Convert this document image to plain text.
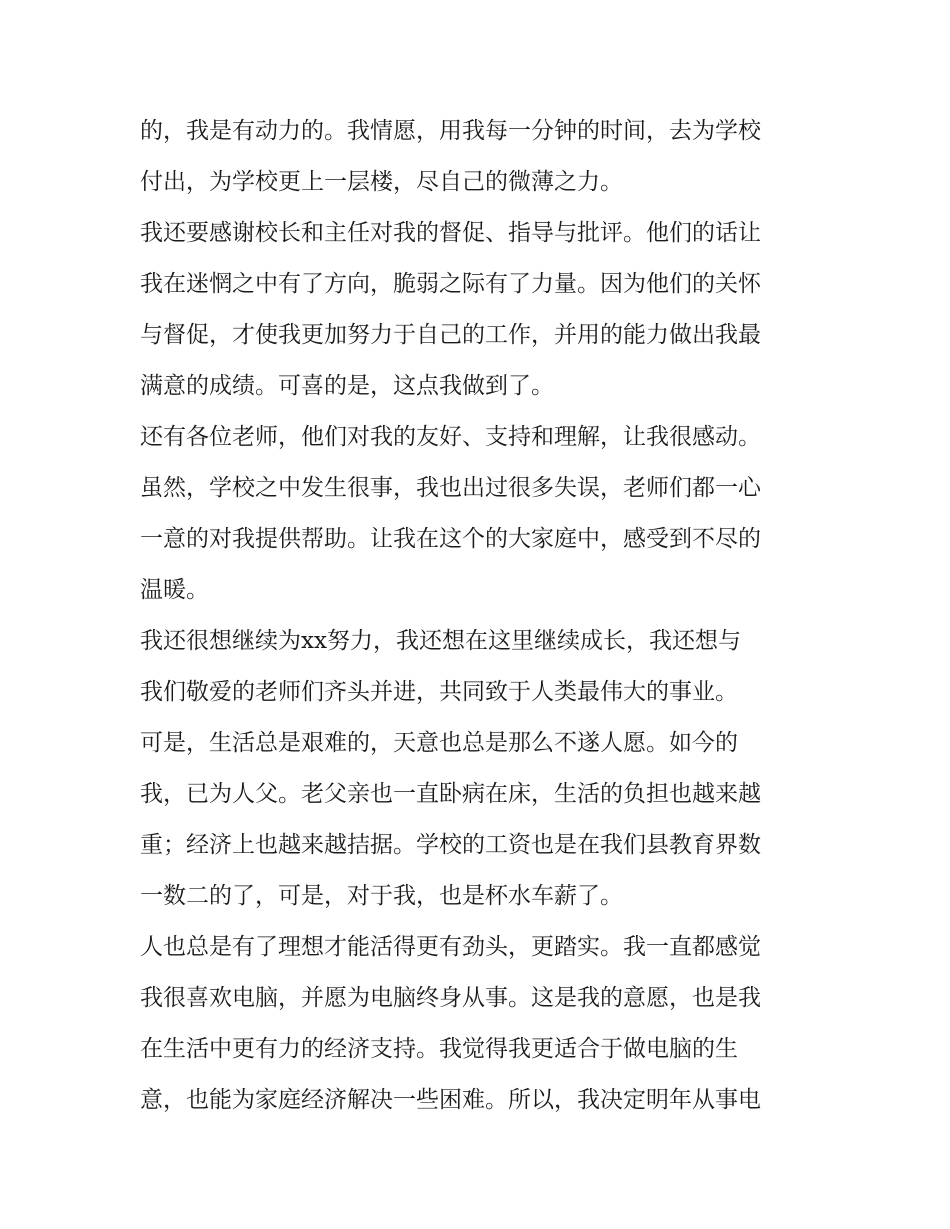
的，我是有动力的。我情愿，用我每一分钟的时间，去为学校
付出，为学校更上一层楼，尽自己的微薄之力。
我还要感谢校长和主任对我的督促、指导与批评。他们的话让
我在迷惘之中有了方向，脆弱之际有了力量。因为他们的关怀
与督促，才使我更加努力于自己的工作，并用的能力做出我最
满意的成绩。可喜的是，这点我做到了。
还有各位老师，他们对我的友好、支持和理解，让我很感动。
虽然，学校之中发生很事，我也出过很多失误，老师们都一心
一意的对我提供帮助。让我在这个的大家庭中，感受到不尽的
温暖。
我还很想继续为xx努力，我还想在这里继续成长，我还想与
我们敬爱的老师们齐头并进，共同致于人类最伟大的事业。
可是，生活总是艰难的，天意也总是那么不遂人愿。如今的
我，已为人父。老父亲也一直卧病在床，生活的负担也越来越
重；经济上也越来越拮据。学校的工资也是在我们县教育界数
一数二的了，可是，对于我，也是杯水车薪了。
人也总是有了理想才能活得更有劲头，更踏实。我一直都感觉
我很喜欢电脑，并愿为电脑终身从事。这是我的意愿，也是我
在生活中更有力的经济支持。我觉得我更适合于做电脑的生
意，也能为家庭经济解决一些困难。所以，我决定明年从事电
